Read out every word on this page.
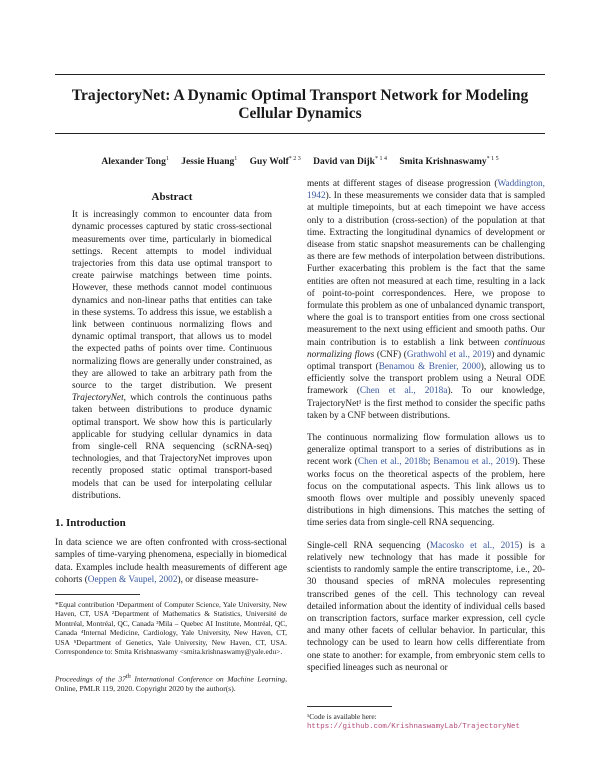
TrajectoryNet: A Dynamic Optimal Transport Network for Modeling Cellular Dynamics
Alexander Tong$^1$ Jessie Huang$^1$ Guy Wolf$^{* 2 3}$ David van Dijk$^{* 1 4}$ Smita Krishnaswamy$^{* 1 5}$
Abstract
It is increasingly common to encounter data from dynamic processes captured by static cross-sectional measurements over time, particularly in biomedical settings. Recent attempts to model individual trajectories from this data use optimal transport to create pairwise matchings between time points. However, these methods cannot model continuous dynamics and non-linear paths that entities can take in these systems. To address this issue, we establish a link between continuous normalizing flows and dynamic optimal transport, that allows us to model the expected paths of points over time. Continuous normalizing flows are generally under constrained, as they are allowed to take an arbitrary path from the source to the target distribution. We present TrajectoryNet, which controls the continuous paths taken between distributions to produce dynamic optimal transport. We show how this is particularly applicable for studying cellular dynamics in data from single-cell RNA sequencing (scRNA-seq) technologies, and that TrajectoryNet improves upon recently proposed static optimal transport-based models that can be used for interpolating cellular distributions.
1. Introduction
In data science we are often confronted with cross-sectional samples of time-varying phenomena, especially in biomedical data. Examples include health measurements of different age cohorts (Oeppen & Vaupel, 2002), or disease measure-
*Equal contribution ¹Department of Computer Science, Yale University, New Haven, CT, USA ²Department of Mathematics & Statistics, Université de Montréal, Montréal, QC, Canada ³Mila – Quebec AI Institute, Montréal, QC, Canada ⁴Internal Medicine, Cardiology, Yale University, New Haven, CT, USA ⁵Department of Genetics, Yale University, New Haven, CT, USA. Correspondence to: Smita Krishnaswamy <smita.krishnaswamy@yale.edu>.
Proceedings of the 37th International Conference on Machine Learning, Online, PMLR 119, 2020. Copyright 2020 by the author(s).

ments at different stages of disease progression (Waddington, 1942). In these measurements we consider data that is sampled at multiple timepoints, but at each timepoint we have access only to a distribution (cross-section) of the population at that time. Extracting the longitudinal dynamics of development or disease from static snapshot measurements can be challenging as there are few methods of interpolation between distributions. Further exacerbating this problem is the fact that the same entities are often not measured at each time, resulting in a lack of point-to-point correspondences. Here, we propose to formulate this problem as one of unbalanced dynamic transport, where the goal is to transport entities from one cross sectional measurement to the next using efficient and smooth paths. Our main contribution is to establish a link between continuous normalizing flows (CNF) (Grathwohl et al., 2019) and dynamic optimal transport (Benamou & Brenier, 2000), allowing us to efficiently solve the transport problem using a Neural ODE framework (Chen et al., 2018a). To our knowledge, TrajectoryNet¹ is the first method to consider the specific paths taken by a CNF between distributions.

The continuous normalizing flow formulation allows us to generalize optimal transport to a series of distributions as in recent work (Chen et al., 2018b; Benamou et al., 2019). These works focus on the theoretical aspects of the problem, here focus on the computational aspects. This link allows us to smooth flows over multiple and possibly unevenly spaced distributions in high dimensions. This matches the setting of time series data from single-cell RNA sequencing.

Single-cell RNA sequencing (Macosko et al., 2015) is a relatively new technology that has made it possible for scientists to randomly sample the entire transcriptome, i.e., 20-30 thousand species of mRNA molecules representing transcribed genes of the cell. This technology can reveal detailed information about the identity of individual cells based on transcription factors, surface marker expression, cell cycle and many other facets of cellular behavior. In particular, this technology can be used to learn how cells differentiate from one state to another: for example, from embryonic stem cells to specified lineages such as neuronal or

¹Code is available here: https://github.com/KrishnaswamyLab/TrajectoryNet
